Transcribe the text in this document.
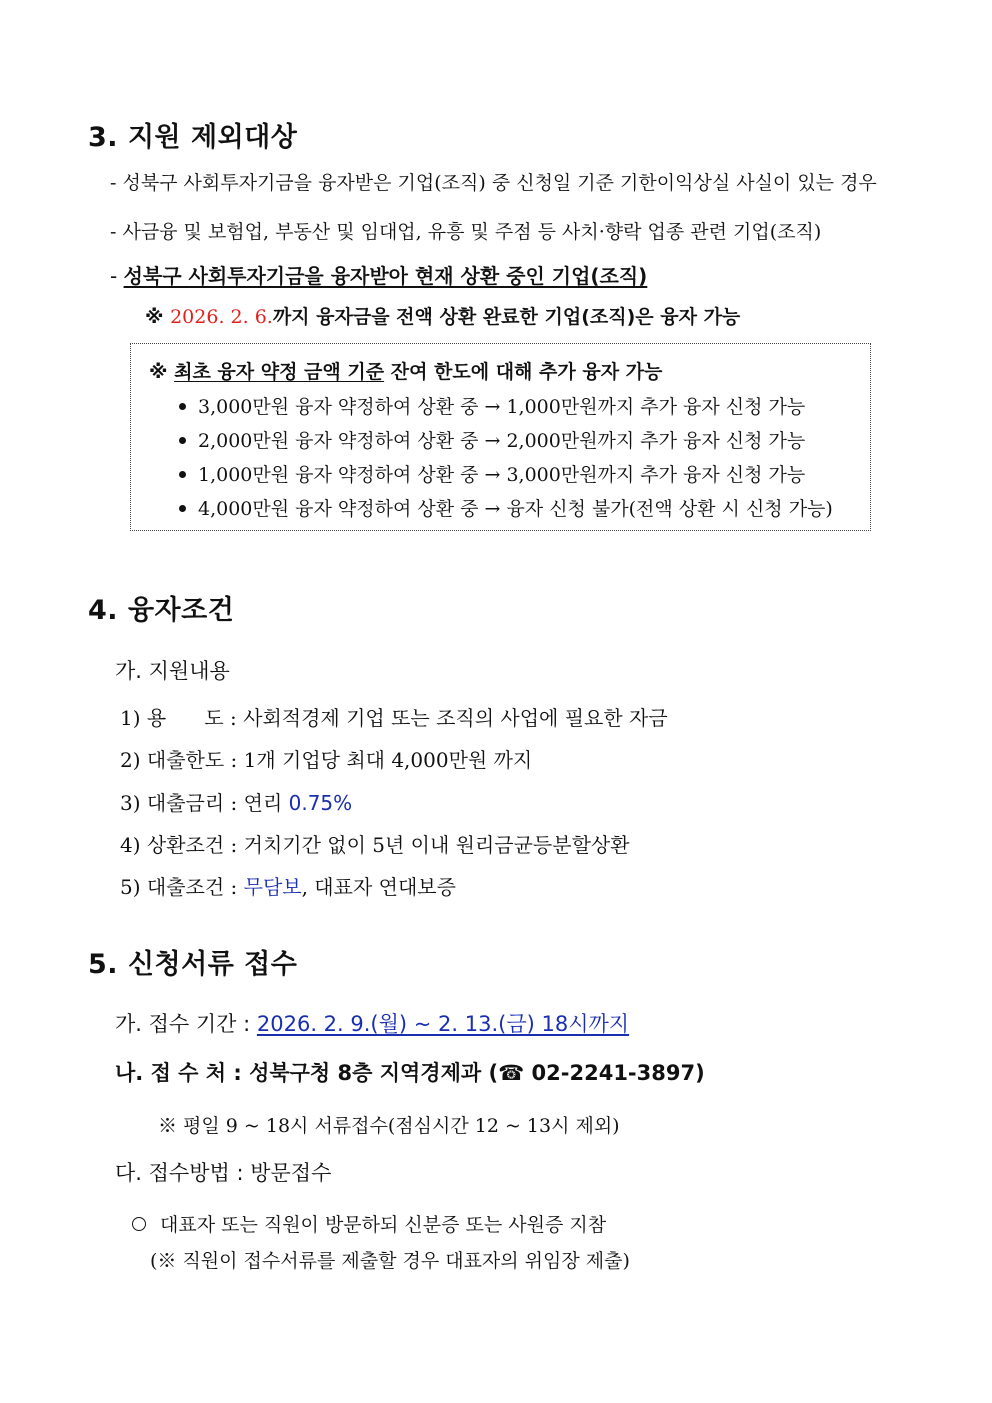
3. 지원 제외대상
- 성북구 사회투자기금을 융자받은 기업(조직) 중 신청일 기준 기한이익상실 사실이 있는 경우
- 사금융 및 보험업, 부동산 및 임대업, 유흥 및 주점 등 사치·향락 업종 관련 기업(조직)
- 성북구 사회투자기금을 융자받아 현재 상환 중인 기업(조직)
※ 2026. 2. 6.까지 융자금을 전액 상환 완료한 기업(조직)은 융자 가능
※ 최초 융자 약정 금액 기준 잔여 한도에 대해 추가 융자 가능
3,000만원 융자 약정하여 상환 중 → 1,000만원까지 추가 융자 신청 가능
2,000만원 융자 약정하여 상환 중 → 2,000만원까지 추가 융자 신청 가능
1,000만원 융자 약정하여 상환 중 → 3,000만원까지 추가 융자 신청 가능
4,000만원 융자 약정하여 상환 중 → 융자 신청 불가(전액 상환 시 신청 가능)
4. 융자조건
가. 지원내용
1) 용      도 : 사회적경제 기업 또는 조직의 사업에 필요한 자금
2) 대출한도 : 1개 기업당 최대 4,000만원 까지
3) 대출금리 : 연리 0.75%
4) 상환조건 : 거치기간 없이 5년 이내 원리금균등분할상환
5) 대출조건 : 무담보, 대표자 연대보증
5. 신청서류 접수
가. 접수 기간 : 2026. 2. 9.(월) ~ 2. 13.(금) 18시까지
나. 접 수 처 : 성북구청 8층 지역경제과 (☎ 02-2241-3897)
※ 평일 9 ~ 18시 서류접수(점심시간 12 ~ 13시 제외)
다. 접수방법 : 방문접수
대표자 또는 직원이 방문하되 신분증 또는 사원증 지참
(※ 직원이 접수서류를 제출할 경우 대표자의 위임장 제출)
